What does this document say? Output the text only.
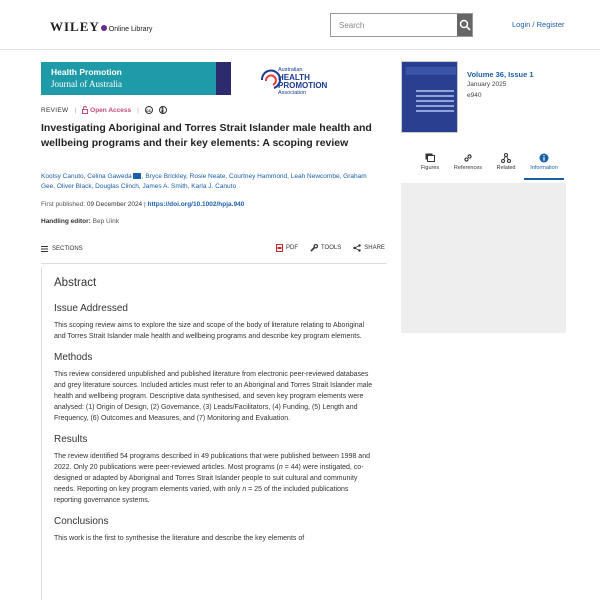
WILEY Online Library
Search
Login / Register
Health Promotion
Journal of Australia
Australian
HEALTH
PROMOTION
Association
REVIEW | Open Access |	cc
Investigating Aboriginal and Torres Strait Islander male health and wellbeing programs and their key elements: A scoping review
Kootsy Canuto, Celina Gaweda , Bryce Brickley, Rosie Neate, Courtney Hammond, Leah Newcombe, Graham Gee, Oliver Black, Douglas Clinch, James A. Smith, Karla J. Canuto
First published: 09 December 2024 | https://doi.org/10.1002/hpja.940
Handling editor: Bep Uink
SECTIONS	PDF	TOOLS	SHARE
Abstract
Issue Addressed
This scoping review aims to explore the size and scope of the body of literature relating to Aboriginal and Torres Strait Islander male health and wellbeing programs and describe key program elements.
Methods
This review considered unpublished and published literature from electronic peer-reviewed databases and grey literature sources. Included articles must refer to an Aboriginal and Torres Strait Islander male health and wellbeing program. Descriptive data synthesised, and seven key program elements were analysed: (1) Origin of Design, (2) Governance, (3) Leads/Facilitators, (4) Funding, (5) Length and Frequency, (6) Outcomes and Measures, and (7) Monitoring and Evaluation.
Results
The review identified 54 programs described in 49 publications that were published between 1998 and 2022. Only 20 publications were peer-reviewed articles. Most programs (n = 44) were instigated, co-designed or adapted by Aboriginal and Torres Strait Islander people to suit cultural and community needs. Reporting on key program elements varied, with only n = 25 of the included publications reporting governance systems.
Conclusions
This work is the first to synthesise the literature and describe the key elements of
Volume 36, Issue 1
January 2025
e940
Figures	References	Related	Information
